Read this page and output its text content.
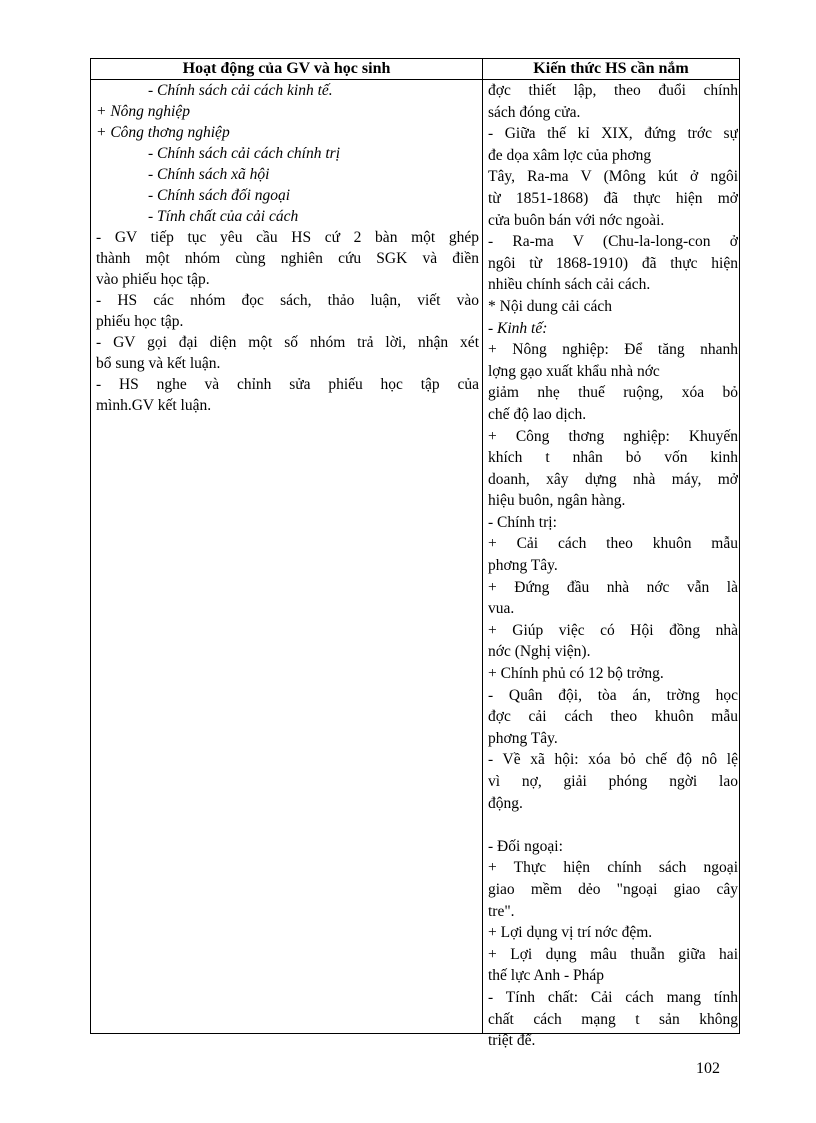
Hoạt động của GV và học sinh	Kiến thức HS cần nắm
- Chính sách cải cách kinh tế.
+ Nông nghiệp
+ Công thơng nghiệp
- Chính sách cải cách chính trị
- Chính sách xã hội
- Chính sách đối ngoại
- Tính chất của cải cách
- GV tiếp tục yêu cầu HS cứ 2 bàn một ghép
thành một nhóm cùng nghiên cứu SGK và điền
vào phiếu học tập.
- HS các nhóm đọc sách, thảo luận, viết vào
phiếu học tập.
- GV gọi đại diện một số nhóm trả lời, nhận xét
bổ sung và kết luận.
- HS nghe và chỉnh sửa phiếu học tập của
mình.GV kết luận.
đợc thiết lập, theo đuổi chính
sách đóng cửa.
- Giữa thế kỉ XIX, đứng trớc sự
đe dọa xâm lợc của phơng
Tây, Ra-ma V (Mông kút ở ngôi
từ 1851-1868) đã thực hiện mở
cửa buôn bán với nớc ngoài.
- Ra-ma V (Chu-la-long-con ở
ngôi từ 1868-1910) đã thực hiện
nhiều chính sách cải cách.
* Nội dung cải cách
- Kinh tế:
+ Nông nghiệp: Để tăng nhanh
lợng gạo xuất khẩu nhà nớc
giảm nhẹ thuế ruộng, xóa bỏ
chế độ lao dịch.
+ Công thơng nghiệp: Khuyến
khích t nhân bỏ vốn kinh
doanh, xây dựng nhà máy, mở
hiệu buôn, ngân hàng.
- Chính trị:
+ Cải cách theo khuôn mẫu
phơng Tây.
+ Đứng đầu nhà nớc vẫn là
vua.
+ Giúp việc có Hội đồng nhà
nớc (Nghị viện).
+ Chính phủ có 12 bộ trởng.
- Quân đội, tòa án, trờng học
đợc cải cách theo khuôn mẫu
phơng Tây.
- Về xã hội: xóa bỏ chế độ nô lệ
vì nợ, giải phóng ngời lao
động.
- Đối ngoại:
+ Thực hiện chính sách ngoại
giao mềm dẻo "ngoại giao cây
tre".
+ Lợi dụng vị trí nớc đệm.
+ Lợi dụng mâu thuẫn giữa hai
thế lực Anh - Pháp
- Tính chất: Cải cách mang tính
chất cách mạng t sản không
triệt để.
102
